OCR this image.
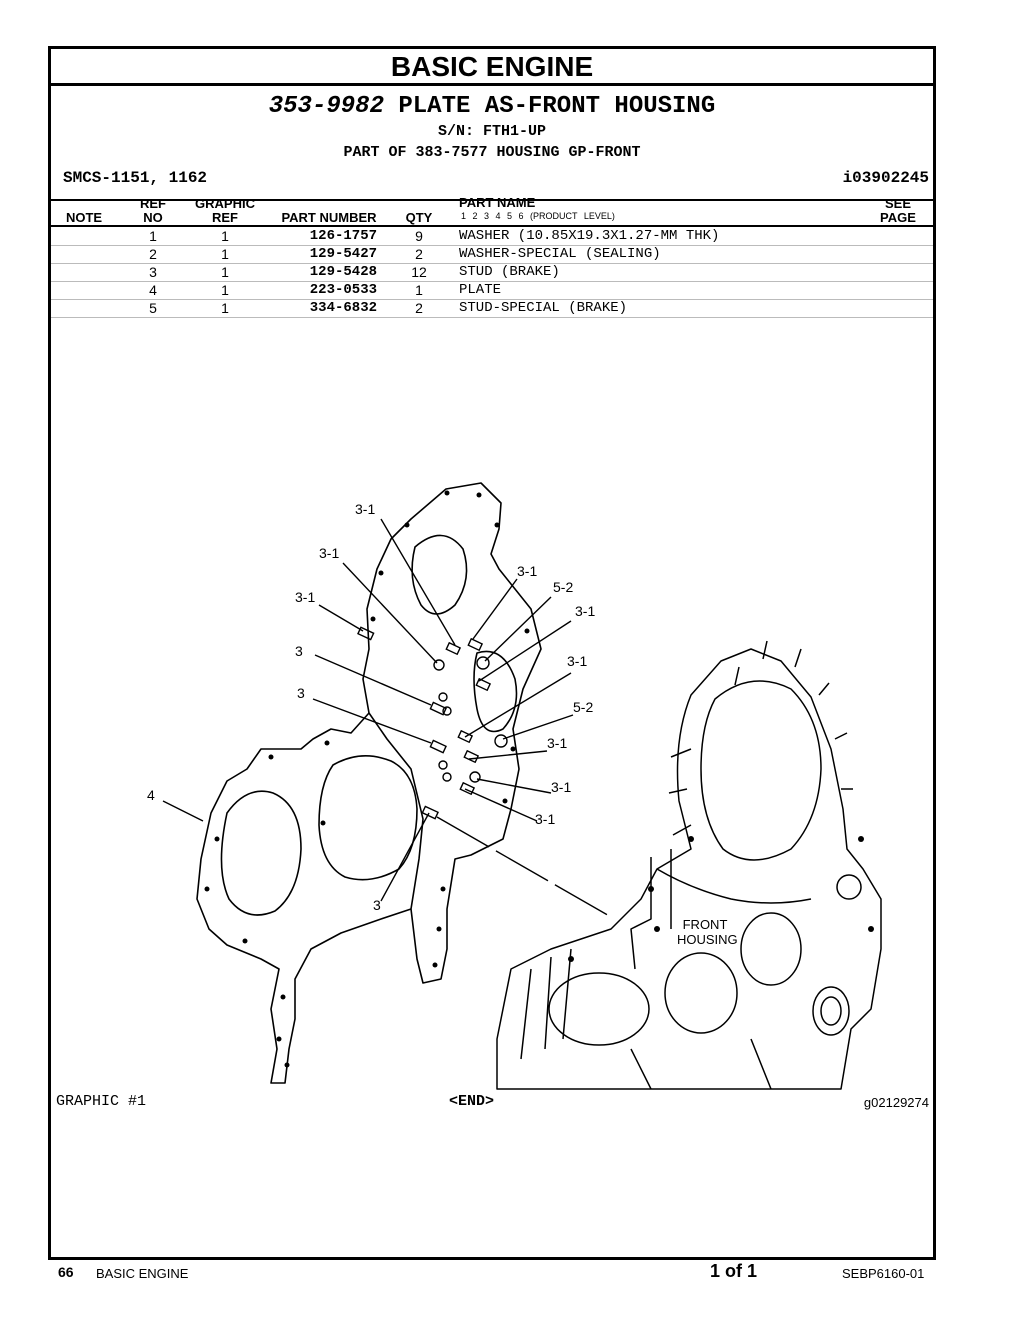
BASIC ENGINE
353-9982 PLATE AS-FRONT HOUSING
S/N: FTH1-UP
PART OF 383-7577 HOUSING GP-FRONT
SMCS-1151, 1162	i03902245
NOTE
REF
NO
GRAPHIC
REF	PART NUMBER	QTY
PART NAME
1 2 3 4 5 6 (PRODUCT LEVEL)
SEE
PAGE
1	1	126-1757	9	WASHER (10.85X19.3X1.27-MM THK)
2	1	129-5427	2	WASHER-SPECIAL (SEALING)
3	1	129-5428	12	STUD (BRAKE)
4	1	223-0533	1	PLATE
5	1	334-6832	2	STUD-SPECIAL (BRAKE)
3-1
3-1
3-1
3-1
5-2
3-1
3-1
3
3
5-2
3-1
4	3-1
3-1
3
FRONT
HOUSING
GRAPHIC #1	<END>	g02129274
66 BASIC ENGINE	1 of 1	SEBP6160-01
